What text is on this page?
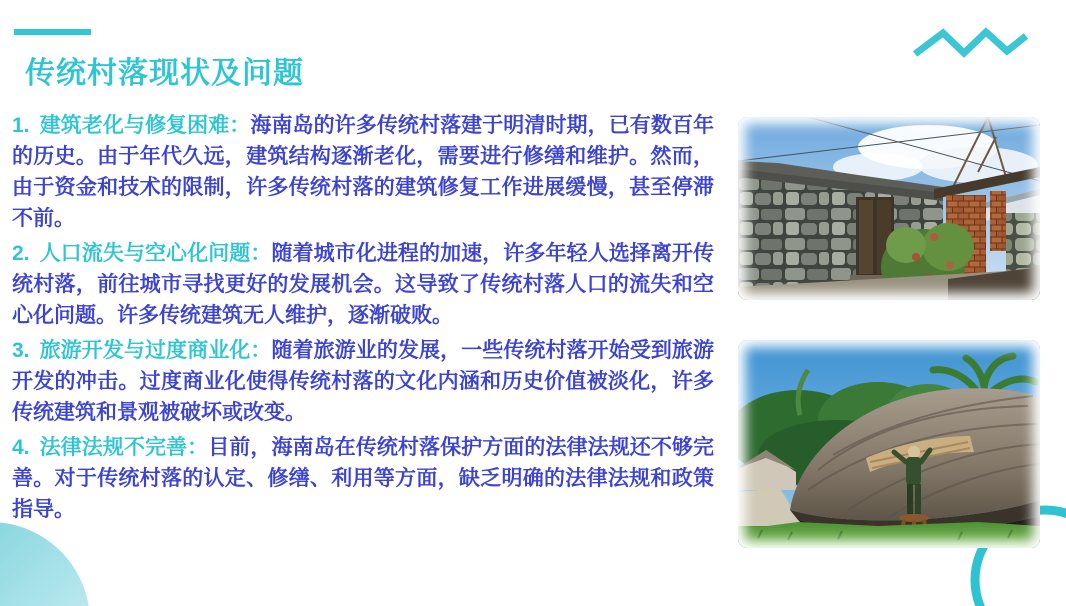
传统村落现状及问题

1. 建筑老化与修复困难：海南岛的许多传统村落建于明清时期，已有数百年的历史。由于年代久远，建筑结构逐渐老化，需要进行修缮和维护。然而，由于资金和技术的限制，许多传统村落的建筑修复工作进展缓慢，甚至停滞不前。

2. 人口流失与空心化问题：随着城市化进程的加速，许多年轻人选择离开传统村落，前往城市寻找更好的发展机会。这导致了传统村落人口的流失和空心化问题。许多传统建筑无人维护，逐渐破败。

3. 旅游开发与过度商业化：随着旅游业的发展，一些传统村落开始受到旅游开发的冲击。过度商业化使得传统村落的文化内涵和历史价值被淡化，许多传统建筑和景观被破坏或改变。

4. 法律法规不完善：目前，海南岛在传统村落保护方面的法律法规还不够完善。对于传统村落的认定、修缮、利用等方面，缺乏明确的法律法规和政策指导。
